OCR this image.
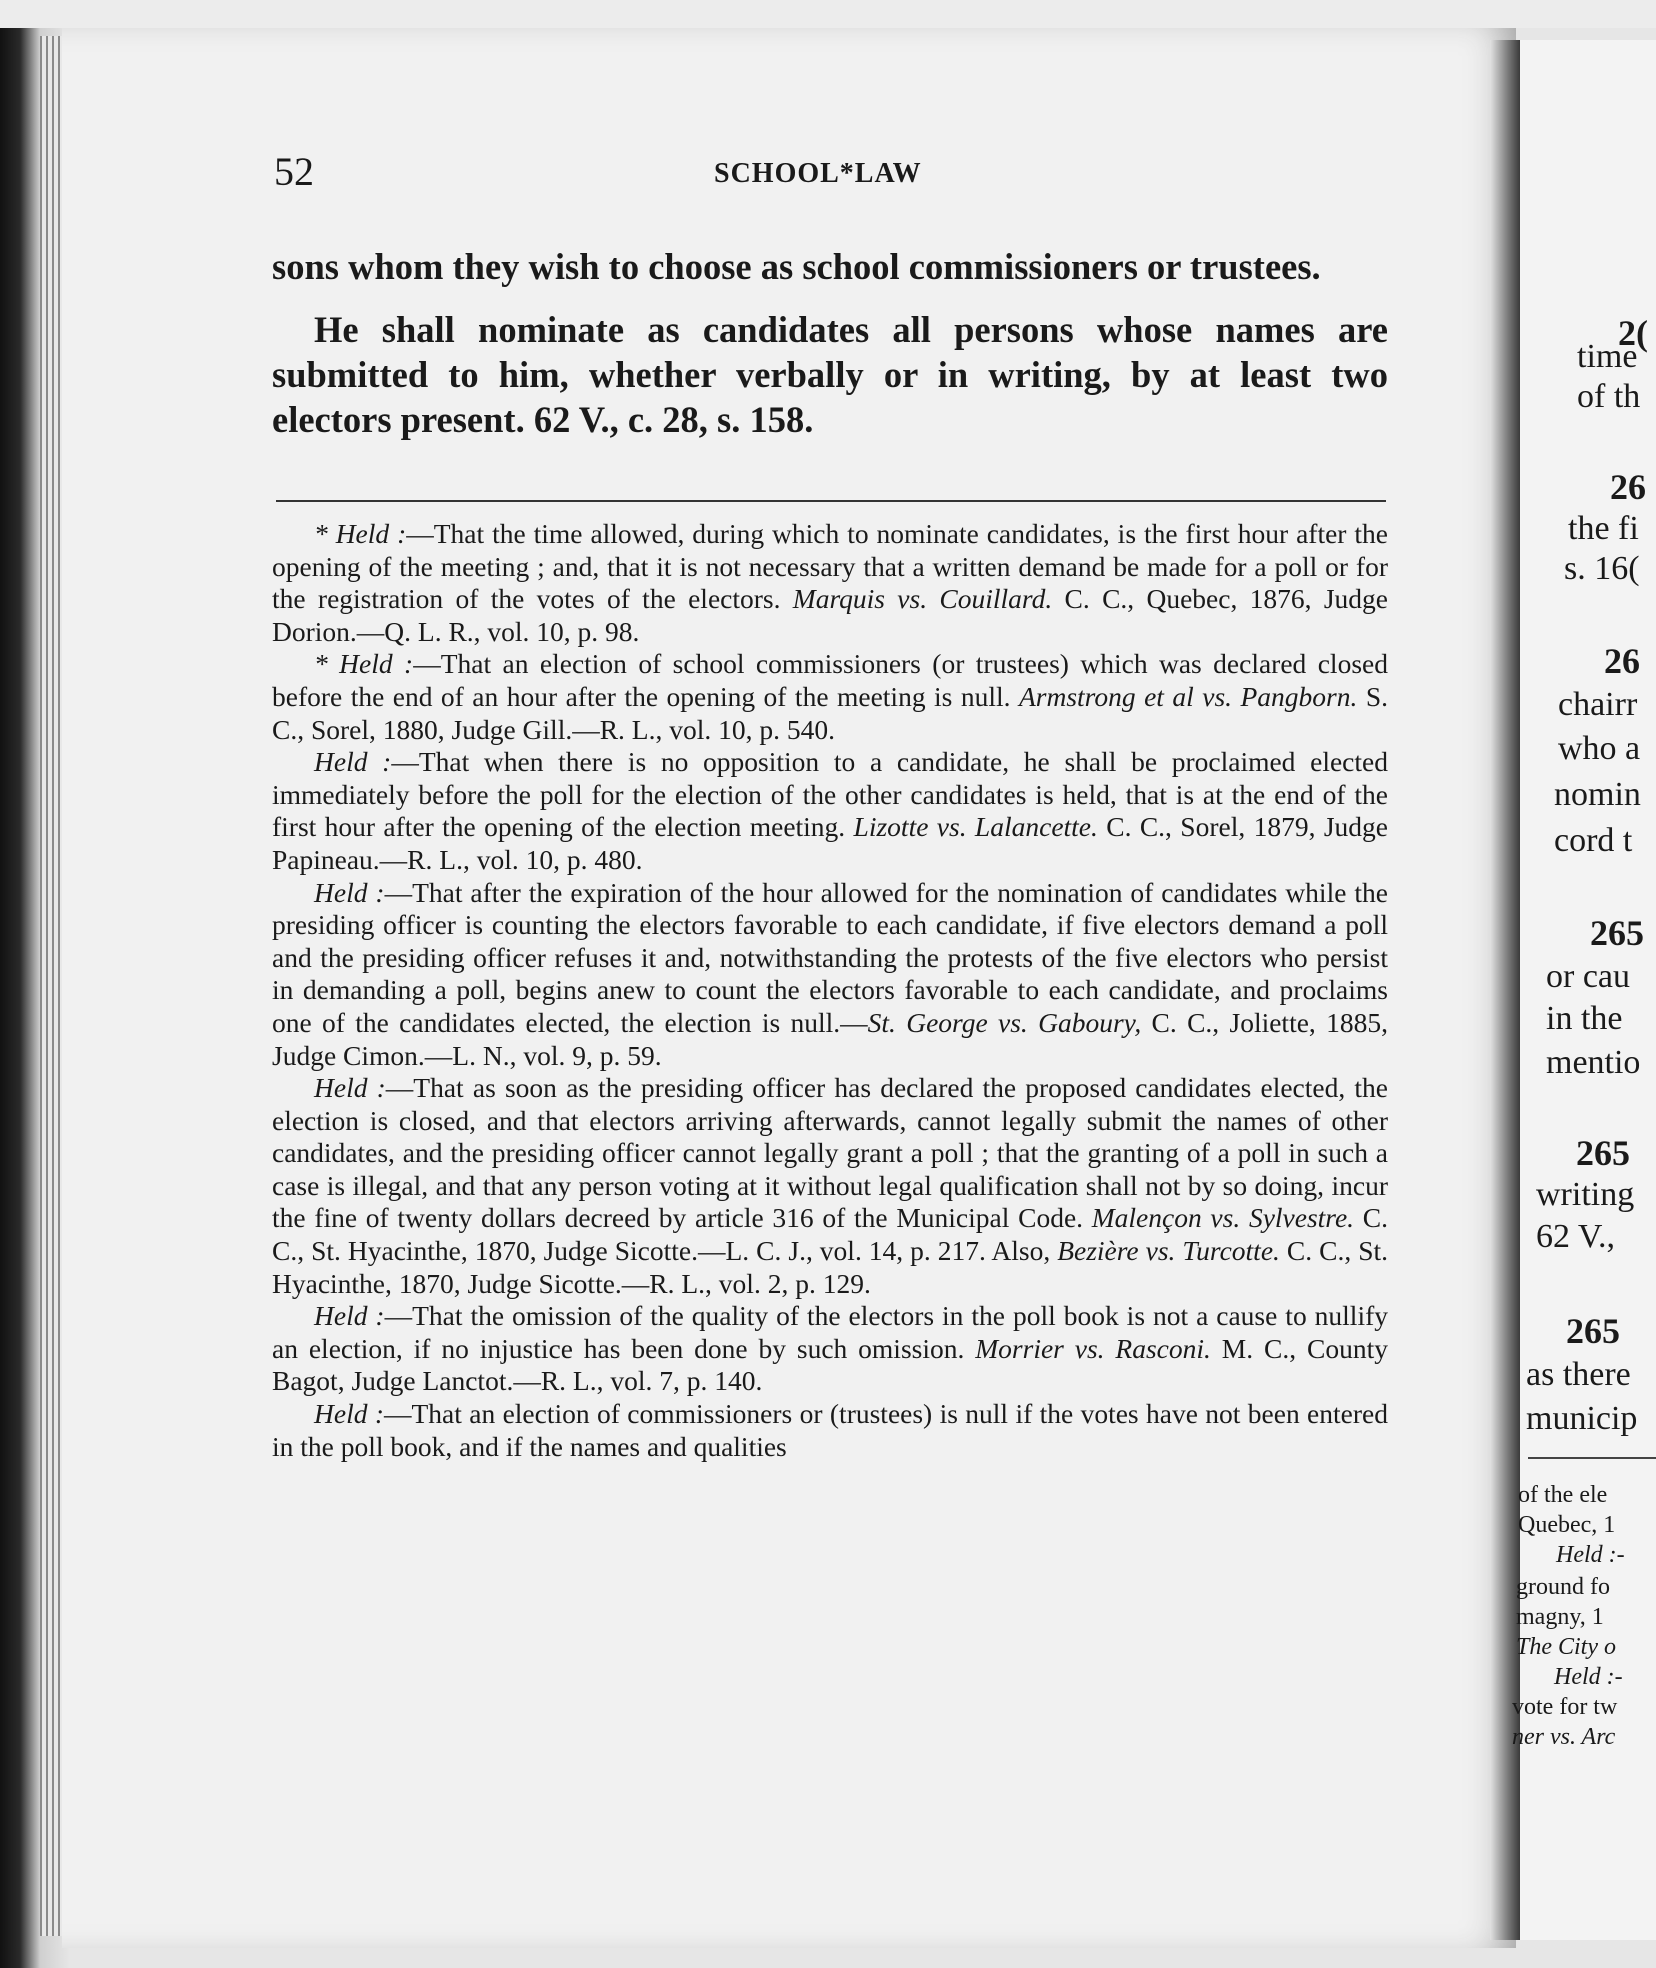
52	SCHOOL*LAW

sons whom they wish to choose as school commissioners or trustees.

He shall nominate as candidates all persons whose names are submitted to him, whether verbally or in writing, by at least two electors present. 62 V., c. 28, s. 158.

* Held :—That the time allowed, during which to nominate candidates, is the first hour after the opening of the meeting ; and, that it is not necessary that a written demand be made for a poll or for the registration of the votes of the electors. Marquis vs. Couillard. C. C., Quebec, 1876, Judge Dorion.—Q. L. R., vol. 10, p. 98.

* Held :—That an election of school commissioners (or trustees) which was declared closed before the end of an hour after the opening of the meeting is null. Armstrong et al vs. Pangborn. S. C., Sorel, 1880, Judge Gill.—R. L., vol. 10, p. 540.

Held :—That when there is no opposition to a candidate, he shall be proclaimed elected immediately before the poll for the election of the other candidates is held, that is at the end of the first hour after the opening of the election meeting. Lizotte vs. Lalancette. C. C., Sorel, 1879, Judge Papineau.—R. L., vol. 10, p. 480.

Held :—That after the expiration of the hour allowed for the nomination of candidates while the presiding officer is counting the electors favorable to each candidate, if five electors demand a poll and the presiding officer refuses it and, notwithstanding the protests of the five electors who persist in demanding a poll, begins anew to count the electors favorable to each candidate, and proclaims one of the candidates elected, the election is null.—St. George vs. Gaboury, C. C., Joliette, 1885, Judge Cimon.—L. N., vol. 9, p. 59.

Held :—That as soon as the presiding officer has declared the proposed candidates elected, the election is closed, and that electors arriving afterwards, cannot legally submit the names of other candidates, and the presiding officer cannot legally grant a poll ; that the granting of a poll in such a case is illegal, and that any person voting at it without legal qualification shall not by so doing, incur the fine of twenty dollars decreed by article 316 of the Municipal Code. Malençon vs. Sylvestre. C. C., St. Hyacinthe, 1870, Judge Sicotte.—L. C. J., vol. 14, p. 217. Also, Bezière vs. Turcotte. C. C., St. Hyacinthe, 1870, Judge Sicotte.—R. L., vol. 2, p. 129.

Held :—That the omission of the quality of the electors in the poll book is not a cause to nullify an election, if no injustice has been done by such omission. Morrier vs. Rasconi. M. C., County Bagot, Judge Lanctot.—R. L., vol. 7, p. 140.

Held :—That an election of commissioners or (trustees) is null if the votes have not been entered in the poll book, and if the names and qualities

2(
time
of th
26
the fi
s. 16(
26
chairr
who a
nomin
cord t
265
or cau
in the
mentio
265
writing
62 V.,
265
as there
municip
of the ele
Quebec, 1
Held :-
ground fo
magny, 1
The City o
Held :-
vote for tw
ner vs. Arc
